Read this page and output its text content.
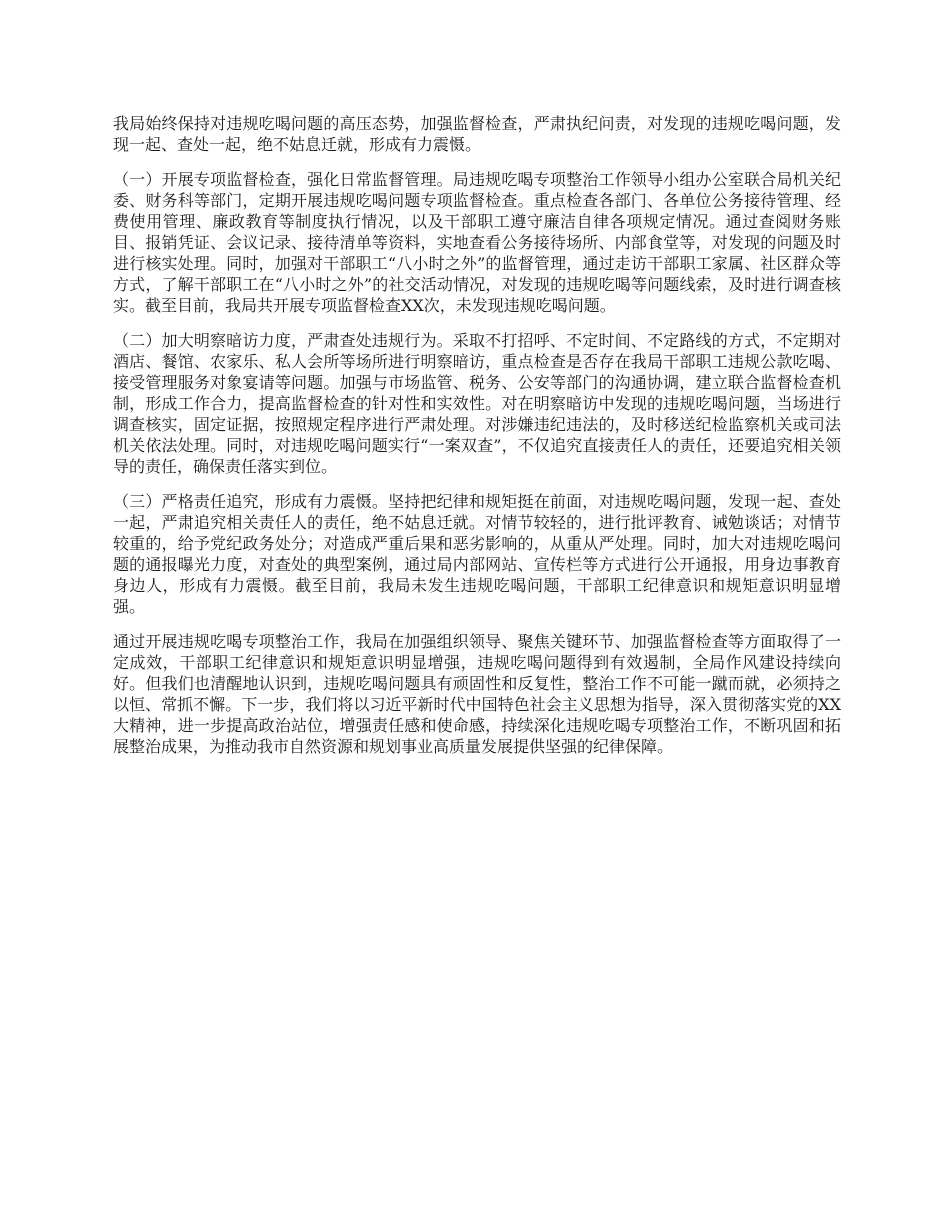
我局始终保持对违规吃喝问题的高压态势，加强监督检查，严肃执纪问责，对发现的违规吃喝问题，发现一起、查处一起，绝不姑息迁就，形成有力震慑。

（一）开展专项监督检查，强化日常监督管理。局违规吃喝专项整治工作领导小组办公室联合局机关纪委、财务科等部门，定期开展违规吃喝问题专项监督检查。重点检查各部门、各单位公务接待管理、经费使用管理、廉政教育等制度执行情况，以及干部职工遵守廉洁自律各项规定情况。通过查阅财务账目、报销凭证、会议记录、接待清单等资料，实地查看公务接待场所、内部食堂等，对发现的问题及时进行核实处理。同时，加强对干部职工“八小时之外”的监督管理，通过走访干部职工家属、社区群众等方式，了解干部职工在“八小时之外”的社交活动情况，对发现的违规吃喝等问题线索，及时进行调查核实。截至目前，我局共开展专项监督检查XX次，未发现违规吃喝问题。

（二）加大明察暗访力度，严肃查处违规行为。采取不打招呼、不定时间、不定路线的方式，不定期对酒店、餐馆、农家乐、私人会所等场所进行明察暗访，重点检查是否存在我局干部职工违规公款吃喝、接受管理服务对象宴请等问题。加强与市场监管、税务、公安等部门的沟通协调，建立联合监督检查机制，形成工作合力，提高监督检查的针对性和实效性。对在明察暗访中发现的违规吃喝问题，当场进行调查核实，固定证据，按照规定程序进行严肃处理。对涉嫌违纪违法的，及时移送纪检监察机关或司法机关依法处理。同时，对违规吃喝问题实行“一案双查”，不仅追究直接责任人的责任，还要追究相关领导的责任，确保责任落实到位。

（三）严格责任追究，形成有力震慑。坚持把纪律和规矩挺在前面，对违规吃喝问题，发现一起、查处一起，严肃追究相关责任人的责任，绝不姑息迁就。对情节较轻的，进行批评教育、诫勉谈话；对情节较重的，给予党纪政务处分；对造成严重后果和恶劣影响的，从重从严处理。同时，加大对违规吃喝问题的通报曝光力度，对查处的典型案例，通过局内部网站、宣传栏等方式进行公开通报，用身边事教育身边人，形成有力震慑。截至目前，我局未发生违规吃喝问题，干部职工纪律意识和规矩意识明显增强。

通过开展违规吃喝专项整治工作，我局在加强组织领导、聚焦关键环节、加强监督检查等方面取得了一定成效，干部职工纪律意识和规矩意识明显增强，违规吃喝问题得到有效遏制，全局作风建设持续向好。但我们也清醒地认识到，违规吃喝问题具有顽固性和反复性，整治工作不可能一蹴而就，必须持之以恒、常抓不懈。下一步，我们将以习近平新时代中国特色社会主义思想为指导，深入贯彻落实党的XX大精神，进一步提高政治站位，增强责任感和使命感，持续深化违规吃喝专项整治工作，不断巩固和拓展整治成果，为推动我市自然资源和规划事业高质量发展提供坚强的纪律保障。
